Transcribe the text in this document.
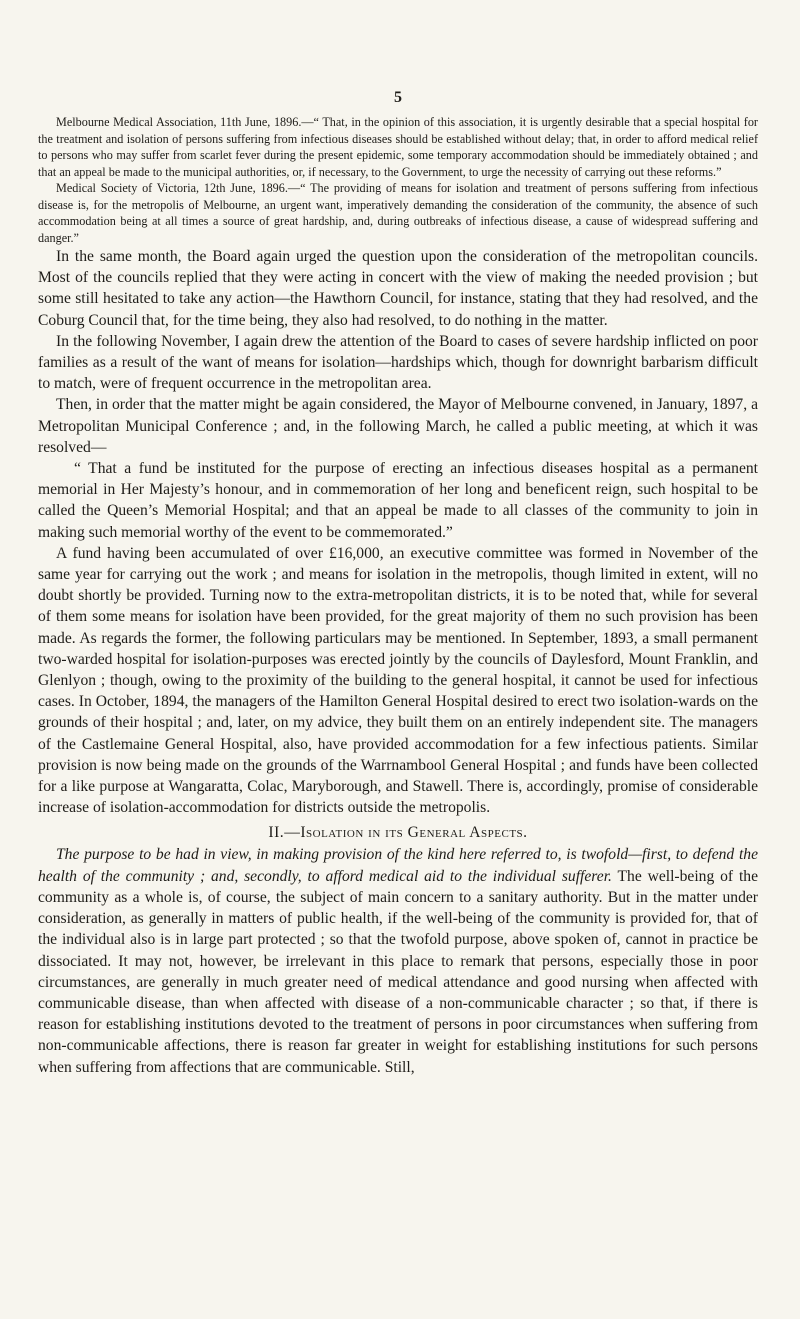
5

Melbourne Medical Association, 11th June, 1896.—“ That, in the opinion of this association, it is urgently desirable that a special hospital for the treatment and isolation of persons suffering from infectious diseases should be established without delay; that, in order to afford medical relief to persons who may suffer from scarlet fever during the present epidemic, some temporary accommodation should be immediately obtained ; and that an appeal be made to the municipal authorities, or, if necessary, to the Government, to urge the necessity of carrying out these reforms.”

Medical Society of Victoria, 12th June, 1896.—“ The providing of means for isolation and treatment of persons suffering from infectious disease is, for the metropolis of Melbourne, an urgent want, imperatively demanding the consideration of the community, the absence of such accommodation being at all times a source of great hardship, and, during outbreaks of infectious disease, a cause of widespread suffering and danger.”

In the same month, the Board again urged the question upon the consideration of the metropolitan councils. Most of the councils replied that they were acting in concert with the view of making the needed provision ; but some still hesitated to take any action—the Hawthorn Council, for instance, stating that they had resolved, and the Coburg Council that, for the time being, they also had resolved, to do nothing in the matter.

In the following November, I again drew the attention of the Board to cases of severe hardship inflicted on poor families as a result of the want of means for isolation—hardships which, though for downright barbarism difficult to match, were of frequent occurrence in the metropolitan area.

Then, in order that the matter might be again considered, the Mayor of Melbourne convened, in January, 1897, a Metropolitan Municipal Conference ; and, in the following March, he called a public meeting, at which it was resolved—

“ That a fund be instituted for the purpose of erecting an infectious diseases hospital as a permanent memorial in Her Majesty’s honour, and in commemoration of her long and beneficent reign, such hospital to be called the Queen’s Memorial Hospital; and that an appeal be made to all classes of the community to join in making such memorial worthy of the event to be commemorated.”

A fund having been accumulated of over £16,000, an executive committee was formed in November of the same year for carrying out the work ; and means for isolation in the metropolis, though limited in extent, will no doubt shortly be provided. Turning now to the extra-metropolitan districts, it is to be noted that, while for several of them some means for isolation have been provided, for the great majority of them no such provision has been made. As regards the former, the following particulars may be mentioned. In September, 1893, a small permanent two-warded hospital for isolation-purposes was erected jointly by the councils of Daylesford, Mount Franklin, and Glenlyon ; though, owing to the proximity of the building to the general hospital, it cannot be used for infectious cases. In October, 1894, the managers of the Hamilton General Hospital desired to erect two isolation-wards on the grounds of their hospital ; and, later, on my advice, they built them on an entirely independent site. The managers of the Castlemaine General Hospital, also, have provided accommodation for a few infectious patients. Similar provision is now being made on the grounds of the Warrnambool General Hospital ; and funds have been collected for a like purpose at Wangaratta, Colac, Maryborough, and Stawell. There is, accordingly, promise of considerable increase of isolation-accommodation for districts outside the metropolis.

II.—Isolation in its General Aspects.

The purpose to be had in view, in making provision of the kind here referred to, is twofold—first, to defend the health of the community ; and, secondly, to afford medical aid to the individual sufferer. The well-being of the community as a whole is, of course, the subject of main concern to a sanitary authority. But in the matter under consideration, as generally in matters of public health, if the well-being of the community is provided for, that of the individual also is in large part protected ; so that the twofold purpose, above spoken of, cannot in practice be dissociated. It may not, however, be irrelevant in this place to remark that persons, especially those in poor circumstances, are generally in much greater need of medical attendance and good nursing when affected with communicable disease, than when affected with disease of a non-communicable character ; so that, if there is reason for establishing institutions devoted to the treatment of persons in poor circumstances when suffering from non-communicable affections, there is reason far greater in weight for establishing institutions for such persons when suffering from affections that are communicable. Still,
